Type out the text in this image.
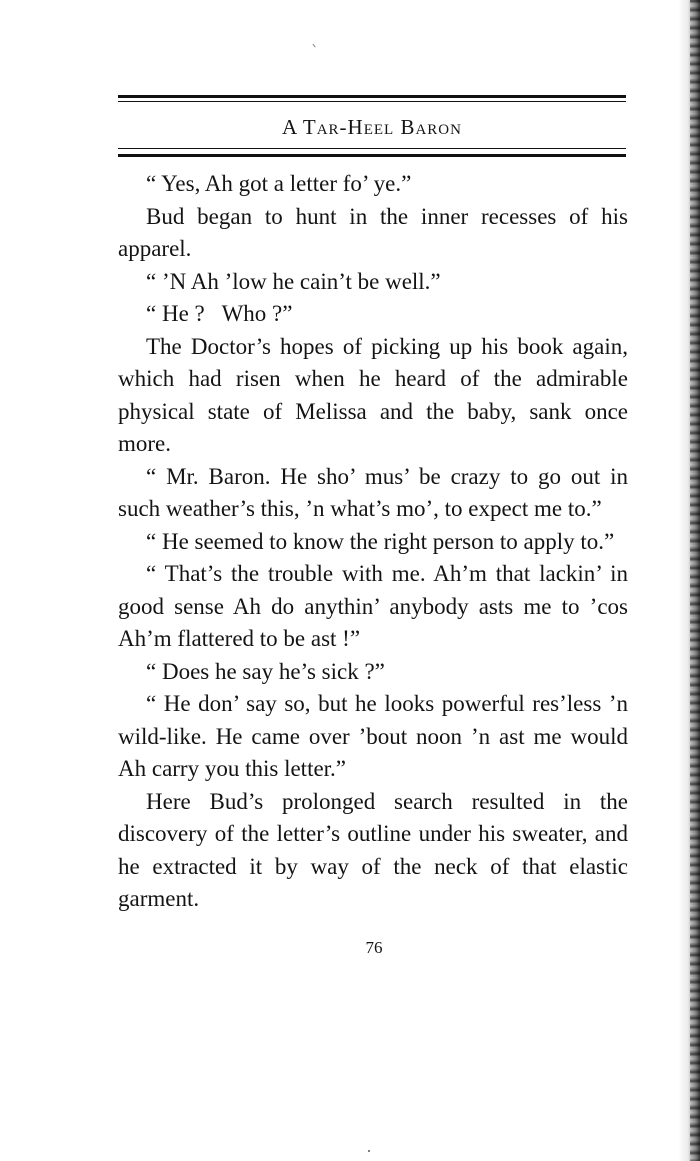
A Tar-Heel Baron

“ Yes, Ah got a letter fo’ ye.”

Bud began to hunt in the inner recesses of his apparel.

“ ’N Ah ’low he cain’t be well.”

“ He ?   Who ?”

The Doctor’s hopes of picking up his book again, which had risen when he heard of the admirable physical state of Melissa and the baby, sank once more.

“ Mr. Baron. He sho’ mus’ be crazy to go out in such weather’s this, ’n what’s mo’, to expect me to.”

“ He seemed to know the right person to apply to.”

“ That’s the trouble with me. Ah’m that lackin’ in good sense Ah do anythin’ anybody asts me to ’cos Ah’m flattered to be ast !”

“ Does he say he’s sick ?”

“ He don’ say so, but he looks powerful res’less ’n wild-like. He came over ’bout noon ’n ast me would Ah carry you this letter.”

Here Bud’s prolonged search resulted in the discovery of the letter’s outline under his sweater, and he extracted it by way of the neck of that elastic garment.

76
